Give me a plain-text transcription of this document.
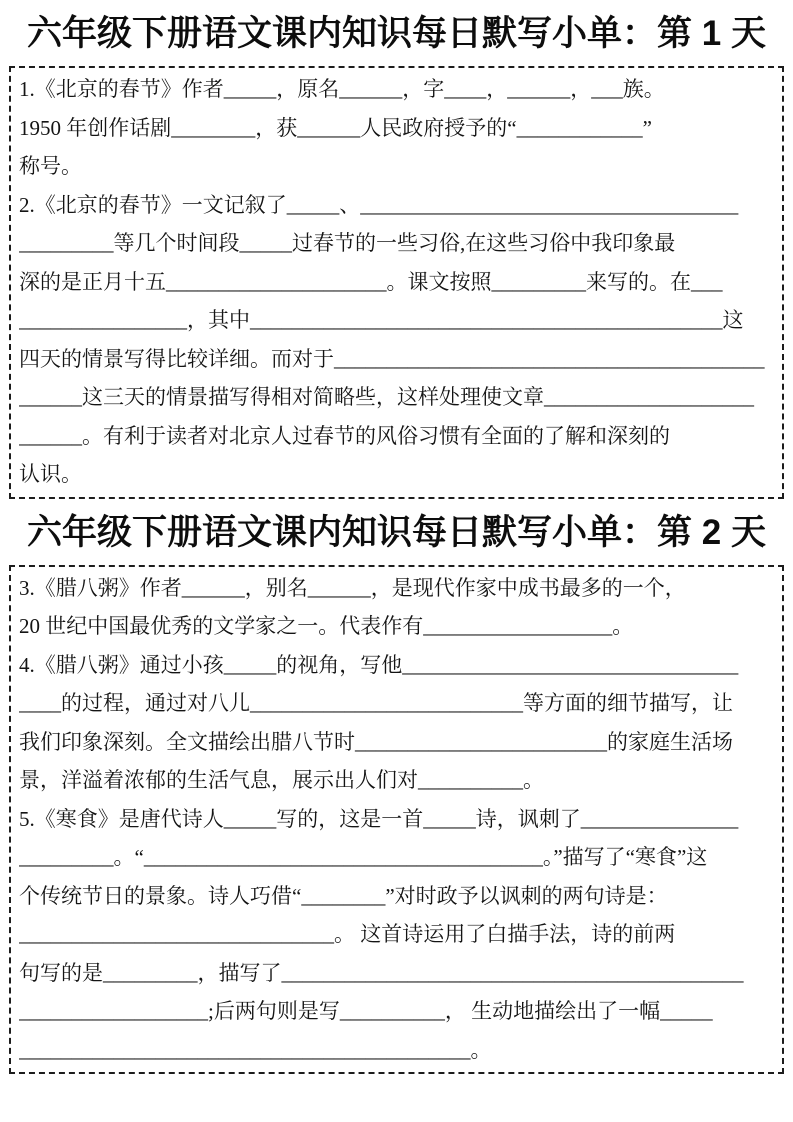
六年级下册语文课内知识每日默写小单：第 1 天
1.《北京的春节》作者_____，原名______，字____，______，___族。
1950 年创作话剧________，获______人民政府授予的“____________”
称号。
2.《北京的春节》一文记叙了_____、____________________________________
_________等几个时间段_____过春节的一些习俗,在这些习俗中我印象最
深的是正月十五_____________________。课文按照_________来写的。在___
________________，其中_____________________________________________这
四天的情景写得比较详细。而对于_________________________________________
______这三天的情景描写得相对简略些，这样处理使文章____________________
______。有利于读者对北京人过春节的风俗习惯有全面的了解和深刻的
认识。
六年级下册语文课内知识每日默写小单：第 2 天
3.《腊八粥》作者______，别名______，是现代作家中成书最多的一个，
20 世纪中国最优秀的文学家之一。代表作有__________________。
4.《腊八粥》通过小孩_____的视角，写他________________________________
____的过程，通过对八儿__________________________等方面的细节描写，让
我们印象深刻。全文描绘出腊八节时________________________的家庭生活场
景，洋溢着浓郁的生活气息，展示出人们对__________。
5.《寒食》是唐代诗人_____写的，这是一首_____诗，讽刺了_______________
_________。“______________________________________。”描写了“寒食”这
个传统节日的景象。诗人巧借“________”对时政予以讽刺的两句诗是：
______________________________。 这首诗运用了白描手法，诗的前两
句写的是_________，描写了____________________________________________
__________________;后两句则是写__________， 生动地描绘出了一幅_____
___________________________________________。
